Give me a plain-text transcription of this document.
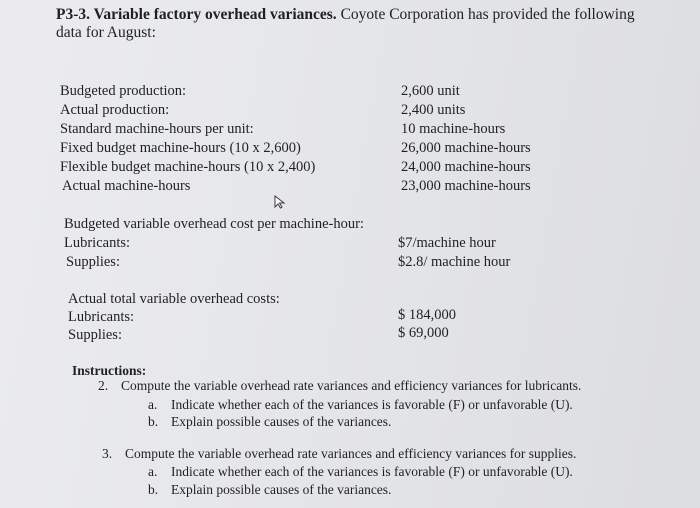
P3-3. Variable factory overhead variances. Coyote Corporation has provided the following
data for August:
Budgeted production:	2,600 unit
Actual production:	2,400 units
Standard machine-hours per unit:	10 machine-hours
Fixed budget machine-hours (10 x 2,600)	26,000 machine-hours
Flexible budget machine-hours (10 x 2,400)	24,000 machine-hours
Actual machine-hours	23,000 machine-hours
Budgeted variable overhead cost per machine-hour:
Lubricants:	$7/machine hour
Supplies:	$2.8/ machine hour
Actual total variable overhead costs:
Lubricants:	$ 184,000
Supplies:	$ 69,000
Instructions:
2. Compute the variable overhead rate variances and efficiency variances for lubricants.
a. Indicate whether each of the variances is favorable (F) or unfavorable (U).
b. Explain possible causes of the variances.
3. Compute the variable overhead rate variances and efficiency variances for supplies.
a. Indicate whether each of the variances is favorable (F) or unfavorable (U).
b. Explain possible causes of the variances.
